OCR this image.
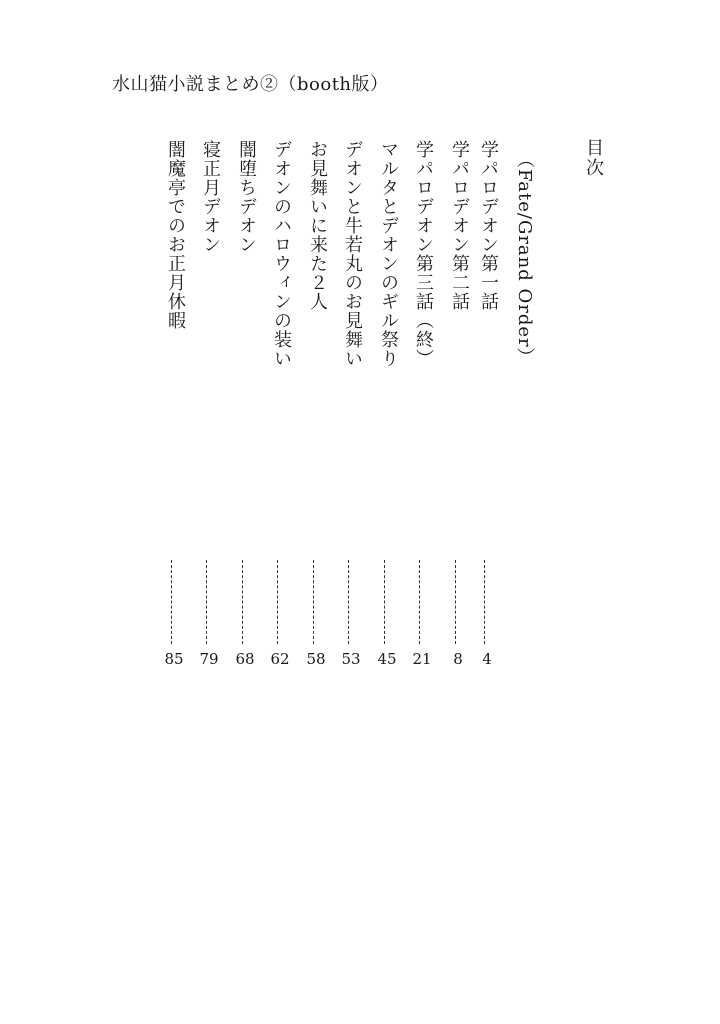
水山猫小説まとめ②（booth版）
目次
（Fate/Grand Order）
学パロデオン第一話
4
学パロデオン第二話
8
学パロデオン第三話（終）
21
マルタとデオンのギル祭り
45
デオンと牛若丸のお見舞い
53
お見舞いに来た２人
58
デオンのハロウィンの装い
62
闇堕ちデオン
68
寝正月デオン
79
闇魔亭でのお正月休暇
85
